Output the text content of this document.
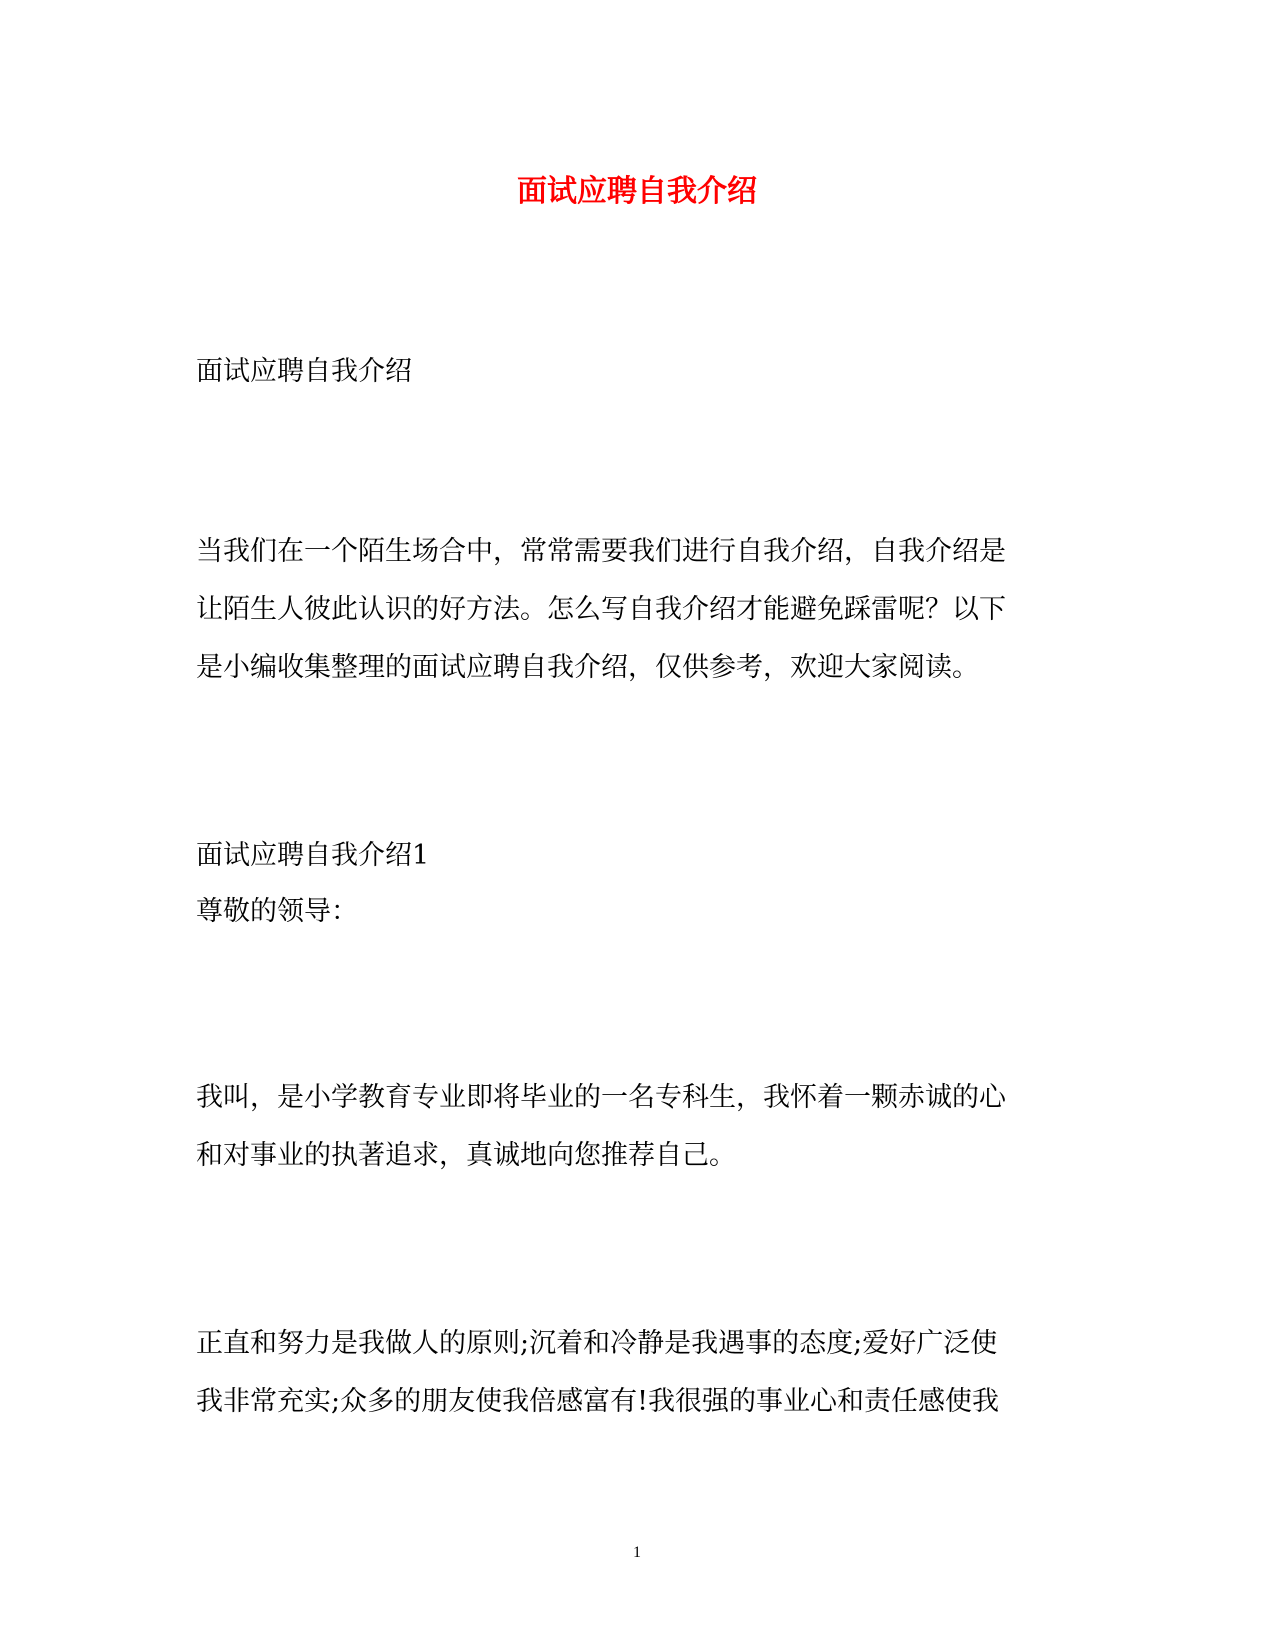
面试应聘自我介绍

面试应聘自我介绍

当我们在一个陌生场合中，常常需要我们进行自我介绍，自我介绍是

让陌生人彼此认识的好方法。怎么写自我介绍才能避免踩雷呢？以下

是小编收集整理的面试应聘自我介绍，仅供参考，欢迎大家阅读。

面试应聘自我介绍1

尊敬的领导：

我叫，是小学教育专业即将毕业的一名专科生，我怀着一颗赤诚的心

和对事业的执著追求，真诚地向您推荐自己。

正直和努力是我做人的原则;沉着和冷静是我遇事的态度;爱好广泛使

我非常充实;众多的朋友使我倍感富有!我很强的事业心和责任感使我

1
